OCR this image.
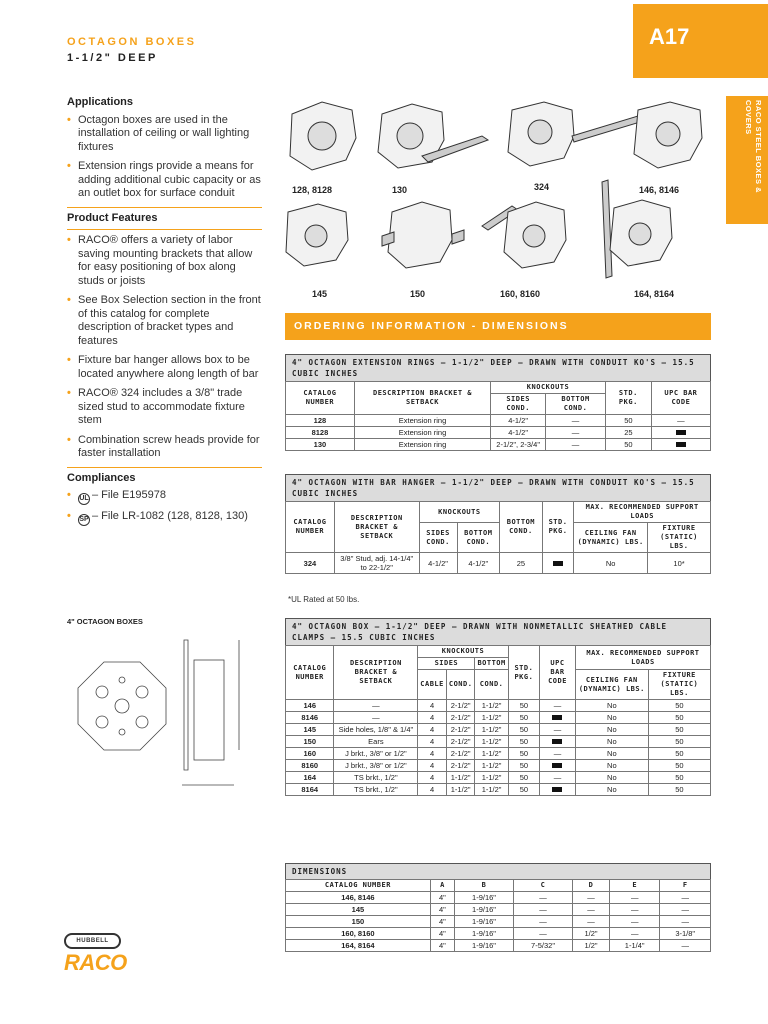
OCTAGON BOXES
1-1/2" DEEP
A17
RACO STEEL BOXES & COVERS
Applications
• Octagon boxes are used in the installation of ceiling or wall lighting fixtures
• Extension rings provide a means for adding additional cubic capacity or as an outlet box for surface conduit
Product Features
• RACO® offers a variety of labor saving mounting brackets that allow for easy positioning of box along studs or joists
• See Box Selection section in the front of this catalog for complete description of bracket types and features
• Fixture bar hanger allows box to be located anywhere along length of bar
• RACO® 324 includes a 3/8" trade sized stud to accommodate fixture stem
• Combination screw heads provide for faster installation
Compliances
• UL – File E195978
• SP – File LR-1082 (128, 8128, 130)
128, 8128	130	324	146, 8146
145	150	160, 8160	164, 8164
ORDERING INFORMATION - DIMENSIONS
4" OCTAGON EXTENSION RINGS – 1-1/2" DEEP – DRAWN WITH CONDUIT KO'S – 15.5 CUBIC INCHES
CATALOG NUMBER	DESCRIPTION BRACKET & SETBACK	KNOCKOUTS		STD. PKG.	UPC BAR CODE
		SIDES COND.	BOTTOM COND.		
128	Extension ring	4-1/2"	—	50	—
8128	Extension ring	4-1/2"	—	25	
130	Extension ring	2-1/2", 2-3/4"	—	50	
4" OCTAGON WITH BAR HANGER – 1-1/2" DEEP – DRAWN WITH CONDUIT KO'S – 15.5 CUBIC INCHES
CATALOG NUMBER	DESCRIPTION BRACKET & SETBACK	KNOCKOUTS		BOTTOM COND.	STD. PKG.	MAX. RECOMMENDED SUPPORT LOADS	
		SIDES COND.	BOTTOM COND.			CEILING FAN (DYNAMIC) LBS.	FIXTURE (STATIC) LBS.
324	3/8" Stud, adj. 14-1/4" to 22-1/2"	4-1/2"	4-1/2"	25		No	10*
*UL Rated at 50 lbs.
4" OCTAGON BOXES
4" OCTAGON BOX – 1-1/2" DEEP – DRAWN WITH NONMETALLIC SHEATHED CABLE CLAMPS – 15.5 CUBIC INCHES
CATALOG NUMBER	DESCRIPTION BRACKET & SETBACK	KNOCKOUTS			STD. PKG.	UPC BAR CODE	MAX. RECOMMENDED SUPPORT LOADS	
		SIDES		BOTTOM				
		CABLE	COND.	COND.			CEILING FAN (DYNAMIC) LBS.	FIXTURE (STATIC) LBS.
146	—	4	2-1/2"	1-1/2"	50	—	No	50
8146	—	4	2-1/2"	1-1/2"	50		No	50
145	Side holes, 1/8" & 1/4"	4	2-1/2"	1-1/2"	50	—	No	50
150	Ears	4	2-1/2"	1-1/2"	50		No	50
160	J brkt., 3/8" or 1/2"	4	2-1/2"	1-1/2"	50	—	No	50
8160	J brkt., 3/8" or 1/2"	4	2-1/2"	1-1/2"	50		No	50
164	TS brkt., 1/2"	4	1-1/2"	1-1/2"	50	—	No	50
8164	TS brkt., 1/2"	4	1-1/2"	1-1/2"	50		No	50
DIMENSIONS
CATALOG NUMBER	A	B	C	D	E	F
146, 8146	4"	1-9/16"	—	—	—	—
145	4"	1-9/16"	—	—	—	—
150	4"	1-9/16"	—	—	—	—
160, 8160	4"	1-9/16"	—	1/2"	—	3-1/8"
164, 8164	4"	1-9/16"	7-5/32"	1/2"	1-1/4"	—
HUBBELL
RACO
